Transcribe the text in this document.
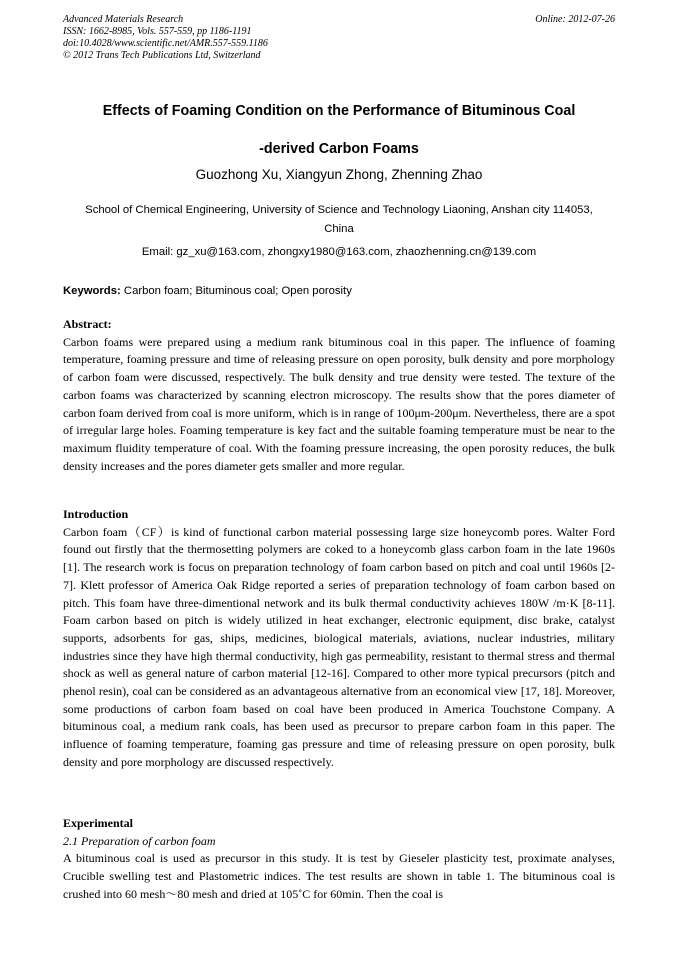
Advanced Materials Research
ISSN: 1662-8985, Vols. 557-559, pp 1186-1191
doi:10.4028/www.scientific.net/AMR.557-559.1186
© 2012 Trans Tech Publications Ltd, Switzerland
Online: 2012-07-26
Effects of Foaming Condition on the Performance of Bituminous Coal
-derived Carbon Foams
Guozhong Xu, Xiangyun Zhong, Zhenning Zhao
School of Chemical Engineering, University of Science and Technology Liaoning, Anshan city 114053, China
Email: gz_xu@163.com, zhongxy1980@163.com, zhaozhenning.cn@139.com
Keywords: Carbon foam; Bituminous coal; Open porosity
Abstract:

Carbon foams were prepared using a medium rank bituminous coal in this paper. The influence of foaming temperature, foaming pressure and time of releasing pressure on open porosity, bulk density and pore morphology of carbon foam were discussed, respectively. The bulk density and true density were tested. The texture of the carbon foams was characterized by scanning electron microscopy. The results show that the pores diameter of carbon foam derived from coal is more uniform, which is in range of 100μm-200μm. Nevertheless, there are a spot of irregular large holes. Foaming temperature is key fact and the suitable foaming temperature must be near to the maximum fluidity temperature of coal. With the foaming pressure increasing, the open porosity reduces, the bulk density increases and the pores diameter gets smaller and more regular.

Introduction

Carbon foam（CF）is kind of functional carbon material possessing large size honeycomb pores. Walter Ford found out firstly that the thermosetting polymers are coked to a honeycomb glass carbon foam in the late 1960s [1]. The research work is focus on preparation technology of foam carbon based on pitch and coal until 1960s [2-7]. Klett professor of America Oak Ridge reported a series of preparation technology of foam carbon based on pitch. This foam have three-dimentional network and its bulk thermal conductivity achieves 180W /m·K [8-11]. Foam carbon based on pitch is widely utilized in heat exchanger, electronic equipment, disc brake, catalyst supports, adsorbents for gas, ships, medicines, biological materials, aviations, nuclear industries, military industries since they have high thermal conductivity, high gas permeability, resistant to thermal stress and thermal shock as well as general nature of carbon material [12-16]. Compared to other more typical precursors (pitch and phenol resin), coal can be considered as an advantageous alternative from an economical view [17, 18]. Moreover, some productions of carbon foam based on coal have been produced in America Touchstone Company. A bituminous coal, a medium rank coals, has been used as precursor to prepare carbon foam in this paper. The influence of foaming temperature, foaming gas pressure and time of releasing pressure on open porosity, bulk density and pore morphology are discussed respectively.

Experimental
2.1 Preparation of carbon foam

A bituminous coal is used as precursor in this study. It is test by Gieseler plasticity test, proximate analyses, Crucible swelling test and Plastometric indices. The test results are shown in table 1. The bituminous coal is crushed into 60 mesh～80 mesh and dried at 105˚C for 60min. Then the coal is
